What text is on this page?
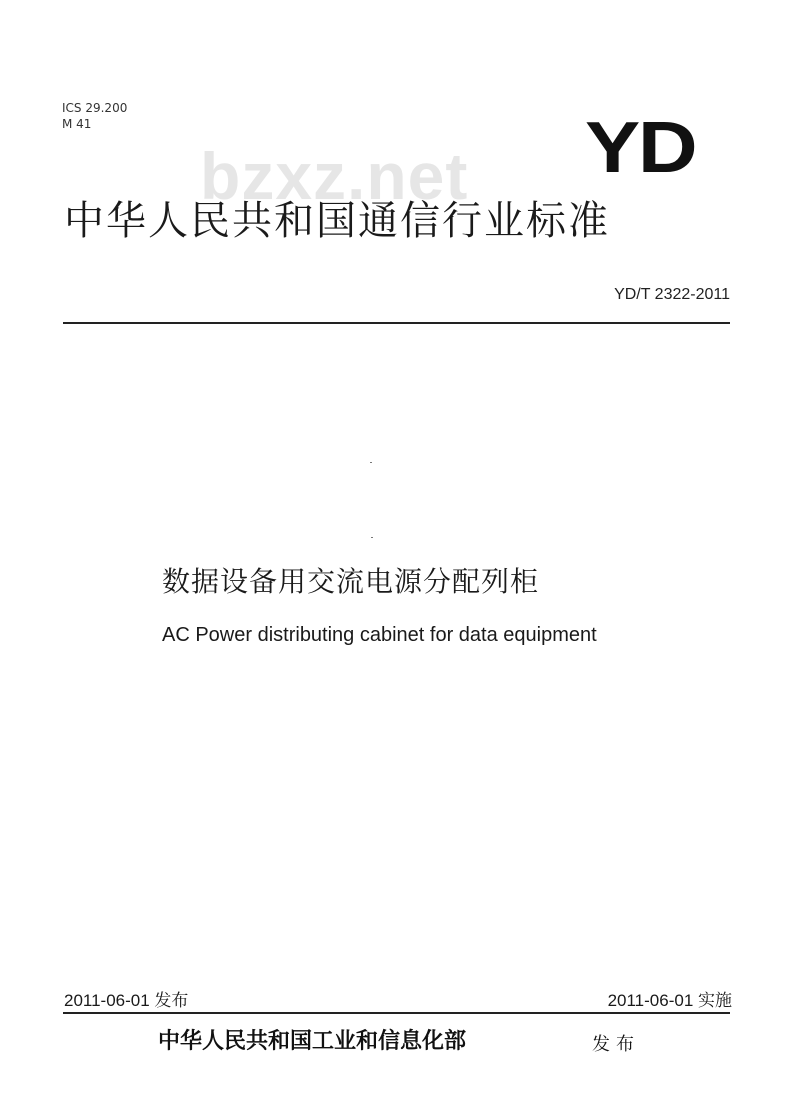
ICS 29.200
M 41
bzxz.net YD
中华人民共和国通信行业标准
YD/T 2322-2011
数据设备用交流电源分配列柜
AC Power distributing cabinet for data equipment
2011-06-01 发布	2011-06-01 实施
中华人民共和国工业和信息化部	发布
